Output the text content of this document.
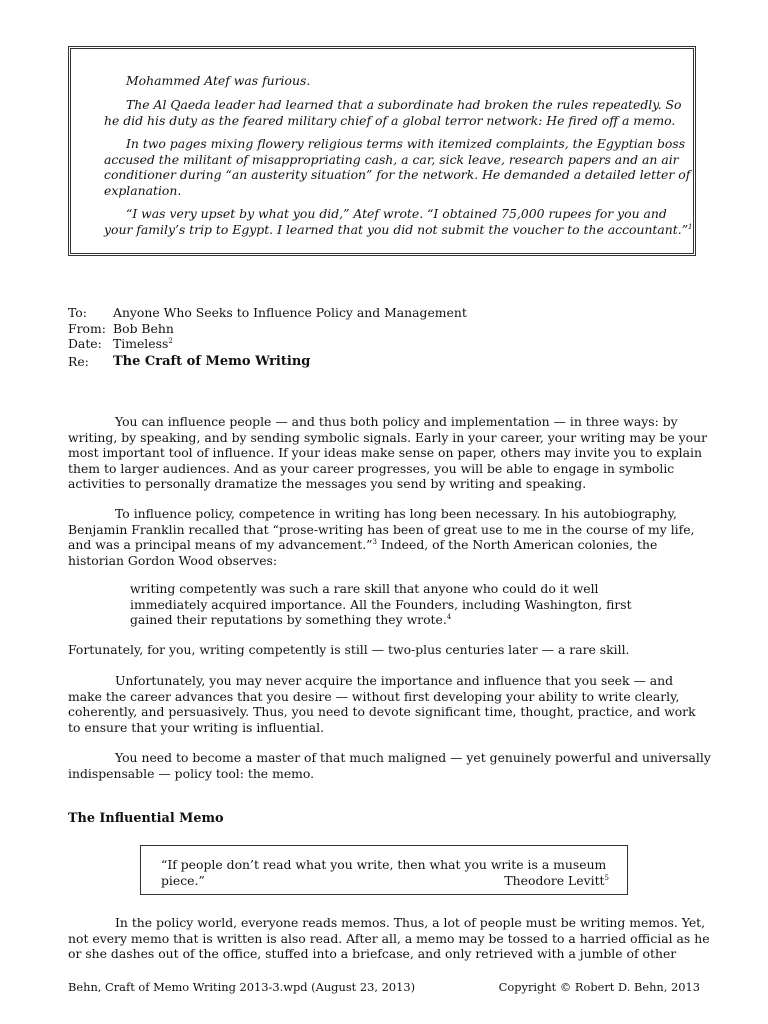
Mohammed Atef was furious.

The Al Qaeda leader had learned that a subordinate had broken the rules repeatedly. So
he did his duty as the feared military chief of a global terror network: He fired off a memo.

In two pages mixing flowery religious terms with itemized complaints, the Egyptian boss
accused the militant of misappropriating cash, a car, sick leave, research papers and an air
conditioner during “an austerity situation” for the network. He demanded a detailed letter of
explanation.

“I was very upset by what you did,” Atef wrote. “I obtained 75,000 rupees for you and
your family’s trip to Egypt. I learned that you did not submit the voucher to the accountant.”$^1$

To:	Anyone Who Seeks to Influence Policy and Management
From: Bob Behn
Date: Timeless$^2$
Re:	The Craft of Memo Writing
You can influence people — and thus both policy and implementation — in three ways: by
writing, by speaking, and by sending symbolic signals. Early in your career, your writing may be your
most important tool of influence. If your ideas make sense on paper, others may invite you to explain
them to larger audiences. And as your career progresses, you will be able to engage in symbolic
activities to personally dramatize the messages you send by writing and speaking.
To influence policy, competence in writing has long been necessary. In his autobiography,
Benjamin Franklin recalled that “prose-writing has been of great use to me in the course of my life,
and was a principal means of my advancement.”$^3$ Indeed, of the North American colonies, the
historian Gordon Wood observes:
writing competently was such a rare skill that anyone who could do it well
immediately acquired importance. All the Founders, including Washington, first
gained their reputations by something they wrote.$^4$
Fortunately, for you, writing competently is still — two-plus centuries later — a rare skill.
Unfortunately, you may never acquire the importance and influence that you seek — and
make the career advances that you desire — without first developing your ability to write clearly,
coherently, and persuasively. Thus, you need to devote significant time, thought, practice, and work
to ensure that your writing is influential.
You need to become a master of that much maligned — yet genuinely powerful and universally
indispensable — policy tool: the memo.
The Influential Memo
“If people don’t read what you write, then what you write is a museum
piece.”	Theodore Levitt$^5$
In the policy world, everyone reads memos. Thus, a lot of people must be writing memos. Yet,
not every memo that is written is also read. After all, a memo may be tossed to a harried official as he
or she dashes out of the office, stuffed into a briefcase, and only retrieved with a jumble of other
Behn, Craft of Memo Writing 2013-3.wpd (August 23, 2013)	Copyright © Robert D. Behn, 2013
